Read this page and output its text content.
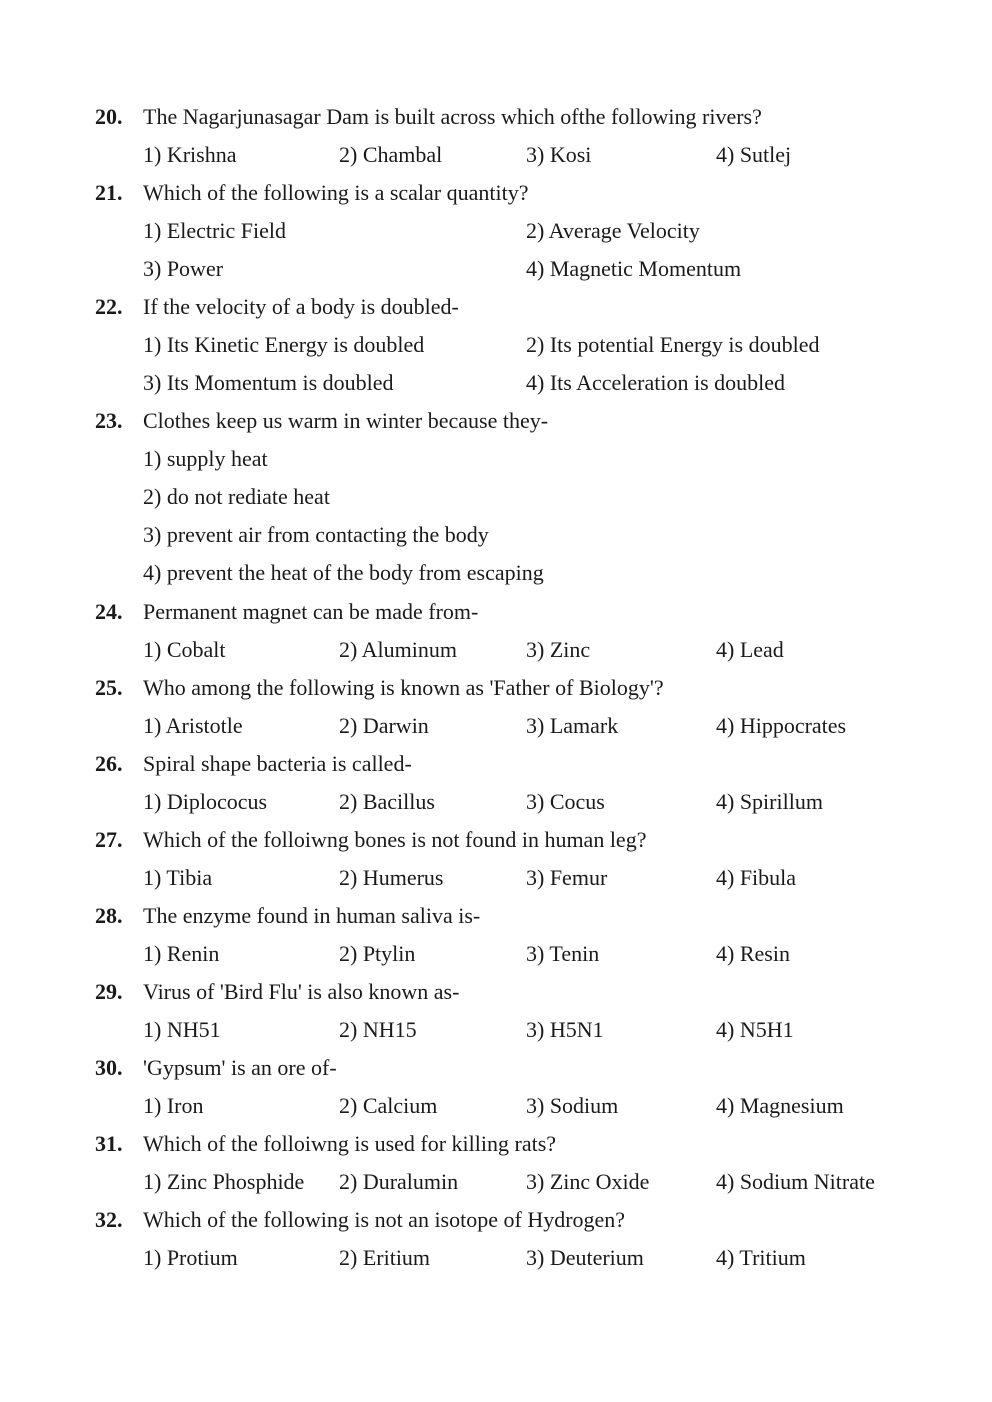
20. The Nagarjunasagar Dam is built across which ofthe following rivers?
1) Krishna	2) Chambal	3) Kosi	4) Sutlej
21. Which of the following is a scalar quantity?
1) Electric Field	2) Average Velocity
3) Power	4) Magnetic Momentum
22. If the velocity of a body is doubled-
1) Its Kinetic Energy is doubled	2) Its potential Energy is doubled
3) Its Momentum is doubled	4) Its Acceleration is doubled
23. Clothes keep us warm in winter because they-
1) supply heat
2) do not rediate heat
3) prevent air from contacting the body
4) prevent the heat of the body from escaping
24. Permanent magnet can be made from-
1) Cobalt	2) Aluminum	3) Zinc	4) Lead
25. Who among the following is known as 'Father of Biology'?
1) Aristotle	2) Darwin	3) Lamark	4) Hippocrates
26. Spiral shape bacteria is called-
1) Diplococus	2) Bacillus	3) Cocus	4) Spirillum
27. Which of the folloiwng bones is not found in human leg?
1) Tibia	2) Humerus	3) Femur	4) Fibula
28. The enzyme found in human saliva is-
1) Renin	2) Ptylin	3) Tenin	4) Resin
29. Virus of 'Bird Flu' is also known as-
1) NH51	2) NH15	3) H5N1	4) N5H1
30. 'Gypsum' is an ore of-
1) Iron	2) Calcium	3) Sodium	4) Magnesium
31. Which of the folloiwng is used for killing rats?
1) Zinc Phosphide 2) Duralumin	3) Zinc Oxide	4) Sodium Nitrate
32. Which of the following is not an isotope of Hydrogen?
1) Protium	2) Eritium	3) Deuterium	4) Tritium
